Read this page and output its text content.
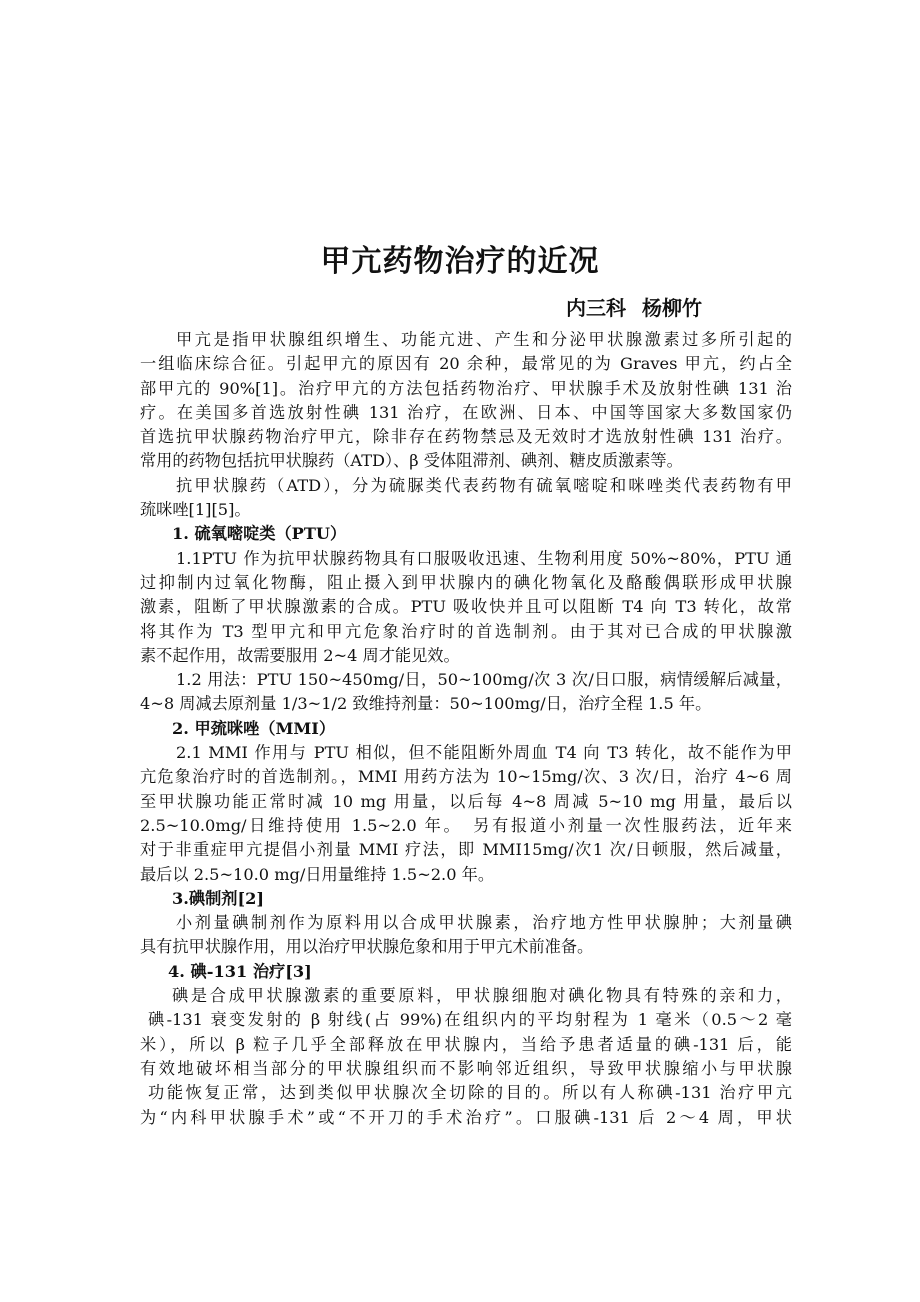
甲亢药物治疗的近况
内三科 杨柳竹
甲亢是指甲状腺组织增生、功能亢进、产生和分泌甲状腺激素过多所引起的
一组临床综合征。引起甲亢的原因有 20 余种，最常见的为 Graves 甲亢，约占全
部甲亢的 90%[1]。治疗甲亢的方法包括药物治疗、甲状腺手术及放射性碘 131 治
疗。在美国多首选放射性碘 131 治疗，在欧洲、日本、中国等国家大多数国家仍
首选抗甲状腺药物治疗甲亢，除非存在药物禁忌及无效时才选放射性碘 131 治疗。
常用的药物包括抗甲状腺药（ATD）、β 受体阻滞剂、碘剂、糖皮质激素等。
抗甲状腺药（ATD），分为硫脲类代表药物有硫氧嘧啶和咪唑类代表药物有甲
巯咪唑[1][5]。
1. 硫氧嘧啶类（PTU）
1.1PTU 作为抗甲状腺药物具有口服吸收迅速、生物利用度 50%~80%，PTU 通
过抑制内过氧化物酶，阻止摄入到甲状腺内的碘化物氧化及酪酸偶联形成甲状腺
激素，阻断了甲状腺激素的合成。PTU 吸收快并且可以阻断 T4 向 T3 转化，故常
将其作为 T3 型甲亢和甲亢危象治疗时的首选制剂。由于其对已合成的甲状腺激
素不起作用，故需要服用 2~4 周才能见效。
1.2 用法：PTU 150~450mg/日，50~100mg/次 3 次/日口服，病情缓解后减量，
4~8 周减去原剂量 1/3~1/2 致维持剂量：50~100mg/日，治疗全程 1.5 年。
2. 甲巯咪唑（MMI）
2.1 MMI 作用与 PTU 相似，但不能阻断外周血 T4 向 T3 转化，故不能作为甲
亢危象治疗时的首选制剂。，MMI 用药方法为 10~15mg/次、3 次/日，治疗 4~6 周
至甲状腺功能正常时减 10 mg 用量，以后每 4~8 周减 5~10 mg 用量，最后以
2.5~10.0mg/日维持使用 1.5~2.0 年。　另有报道小剂量一次性服药法，近年来
对于非重症甲亢提倡小剂量 MMI 疗法，即 MMI15mg/次1 次/日顿服，然后减量，
最后以 2.5~10.0 mg/日用量维持 1.5~2.0 年。
3.碘制剂[2]
小剂量碘制剂作为原料用以合成甲状腺素，治疗地方性甲状腺肿；大剂量碘
具有抗甲状腺作用，用以治疗甲状腺危象和用于甲亢术前准备。
4. 碘-131 治疗[3]
碘是合成甲状腺激素的重要原料，甲状腺细胞对碘化物具有特殊的亲和力，
碘-131 衰变发射的 β 射线(占 99%)在组织内的平均射程为 1 毫米（0.5～2 毫
米），所以 β 粒子几乎全部释放在甲状腺内，当给予患者适量的碘-131 后，能
有效地破坏相当部分的甲状腺组织而不影响邻近组织，导致甲状腺缩小与甲状腺
功能恢复正常，达到类似甲状腺次全切除的目的。所以有人称碘-131 治疗甲亢
为“内科甲状腺手术”或“不开刀的手术治疗”。口服碘-131 后 2～4 周，甲状
